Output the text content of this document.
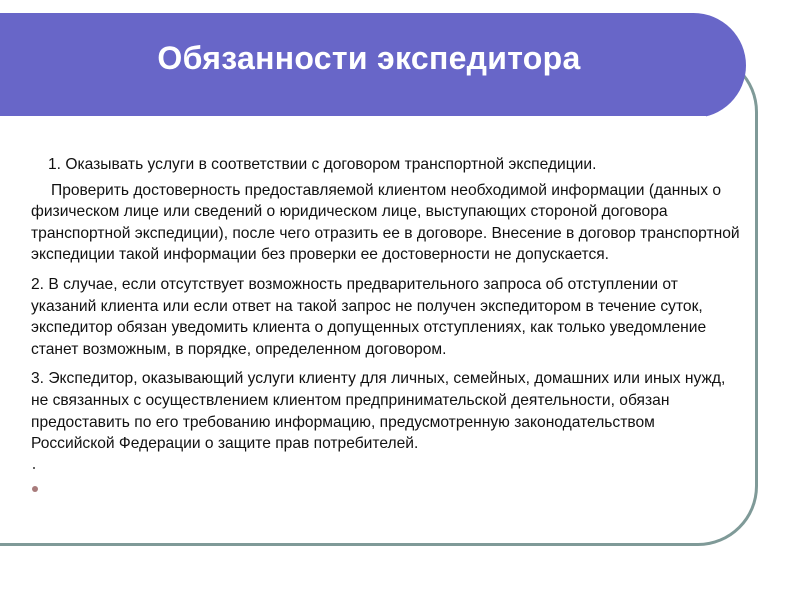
Обязанности экспедитора

1. Оказывать услуги в соответствии с договором транспортной экспедиции.

Проверить достоверность предоставляемой клиентом необходимой информации (данных о физическом лице или сведений о юридическом лице, выступающих стороной договора транспортной экспедиции), после чего отразить ее в договоре. Внесение в договор транспортной экспедиции такой информации без проверки ее достоверности не допускается.

2. В случае, если отсутствует возможность предварительного запроса об отступлении от указаний клиента или если ответ на такой запрос не получен экспедитором в течение суток, экспедитор обязан уведомить клиента о допущенных отступлениях, как только уведомление станет возможным, в порядке, определенном договором.

3. Экспедитор, оказывающий услуги клиенту для личных, семейных, домашних или иных нужд, не связанных с осуществлением клиентом предпринимательской деятельности, обязан предоставить по его требованию информацию, предусмотренную законодательством Российской Федерации о защите прав потребителей.
